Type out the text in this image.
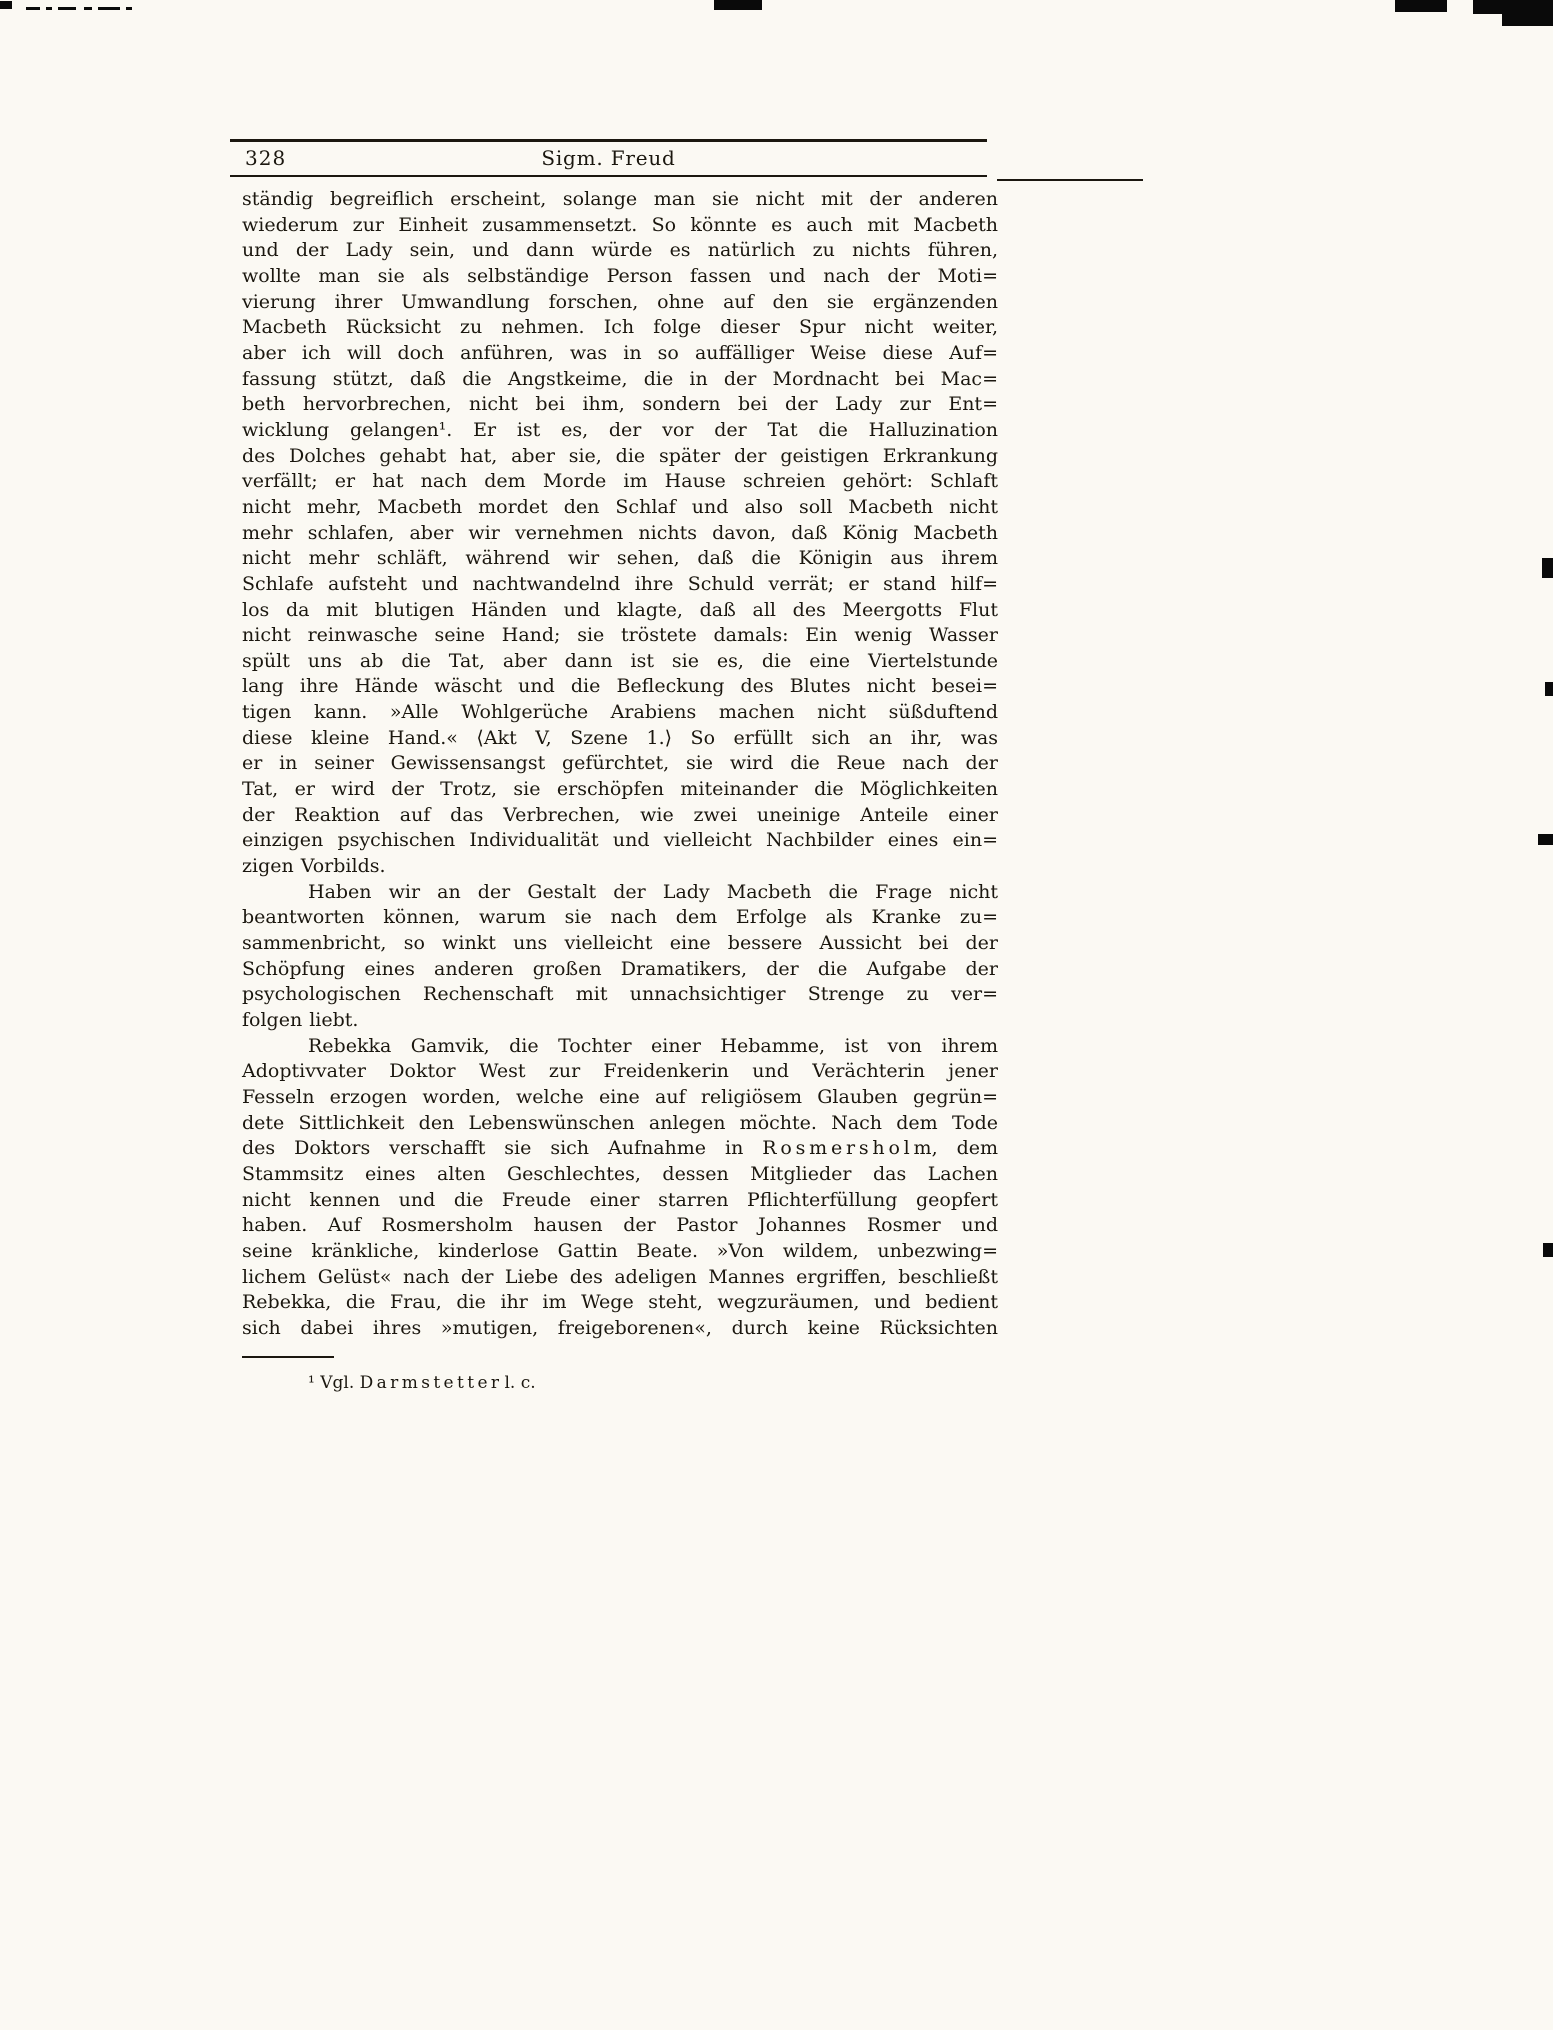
328	Sigm. Freud
ständig begreiflich erscheint, solange man sie nicht mit der anderen
wiederum zur Einheit zusammensetzt. So könnte es auch mit Macbeth
und der Lady sein, und dann würde es natürlich zu nichts führen,
wollte man sie als selbständige Person fassen und nach der Moti=
vierung ihrer Umwandlung forschen, ohne auf den sie ergänzenden
Macbeth Rücksicht zu nehmen. Ich folge dieser Spur nicht weiter,
aber ich will doch anführen, was in so auffälliger Weise diese Auf=
fassung stützt, daß die Angstkeime, die in der Mordnacht bei Mac=
beth hervorbrechen, nicht bei ihm, sondern bei der Lady zur Ent=
wicklung gelangen¹. Er ist es, der vor der Tat die Halluzination
des Dolches gehabt hat, aber sie, die später der geistigen Erkrankung
verfällt; er hat nach dem Morde im Hause schreien gehört: Schlaft
nicht mehr, Macbeth mordet den Schlaf und also soll Macbeth nicht
mehr schlafen, aber wir vernehmen nichts davon, daß König Macbeth
nicht mehr schläft, während wir sehen, daß die Königin aus ihrem
Schlafe aufsteht und nachtwandelnd ihre Schuld verrät; er stand hilf=
los da mit blutigen Händen und klagte, daß all des Meergotts Flut
nicht reinwasche seine Hand; sie tröstete damals: Ein wenig Wasser
spült uns ab die Tat, aber dann ist sie es, die eine Viertelstunde
lang ihre Hände wäscht und die Befleckung des Blutes nicht besei=
tigen kann. »Alle Wohlgerüche Arabiens machen nicht süßduftend
diese kleine Hand.« ⟨Akt V, Szene 1.⟩ So erfüllt sich an ihr, was
er in seiner Gewissensangst gefürchtet, sie wird die Reue nach der
Tat, er wird der Trotz, sie erschöpfen miteinander die Möglichkeiten
der Reaktion auf das Verbrechen, wie zwei uneinige Anteile einer
einzigen psychischen Individualität und vielleicht Nachbilder eines ein=
zigen Vorbilds.
Haben wir an der Gestalt der Lady Macbeth die Frage nicht
beantworten können, warum sie nach dem Erfolge als Kranke zu=
sammenbricht, so winkt uns vielleicht eine bessere Aussicht bei der
Schöpfung eines anderen großen Dramatikers, der die Aufgabe der
psychologischen Rechenschaft mit unnachsichtiger Strenge zu ver=
folgen liebt.
Rebekka Gamvik, die Tochter einer Hebamme, ist von ihrem
Adoptivvater Doktor West zur Freidenkerin und Verächterin jener
Fesseln erzogen worden, welche eine auf religiösem Glauben gegrün=
dete Sittlichkeit den Lebenswünschen anlegen möchte. Nach dem Tode
des Doktors verschafft sie sich Aufnahme in R o s m e r s h o l m, dem
Stammsitz eines alten Geschlechtes, dessen Mitglieder das Lachen
nicht kennen und die Freude einer starren Pflichterfüllung geopfert
haben. Auf Rosmersholm hausen der Pastor Johannes Rosmer und
seine kränkliche, kinderlose Gattin Beate. »Von wildem, unbezwing=
lichem Gelüst« nach der Liebe des adeligen Mannes ergriffen, beschließt
Rebekka, die Frau, die ihr im Wege steht, wegzuräumen, und bedient
sich dabei ihres »mutigen, freigeborenen«, durch keine Rücksichten
¹ Vgl. D a r m s t e t t e r l. c.
